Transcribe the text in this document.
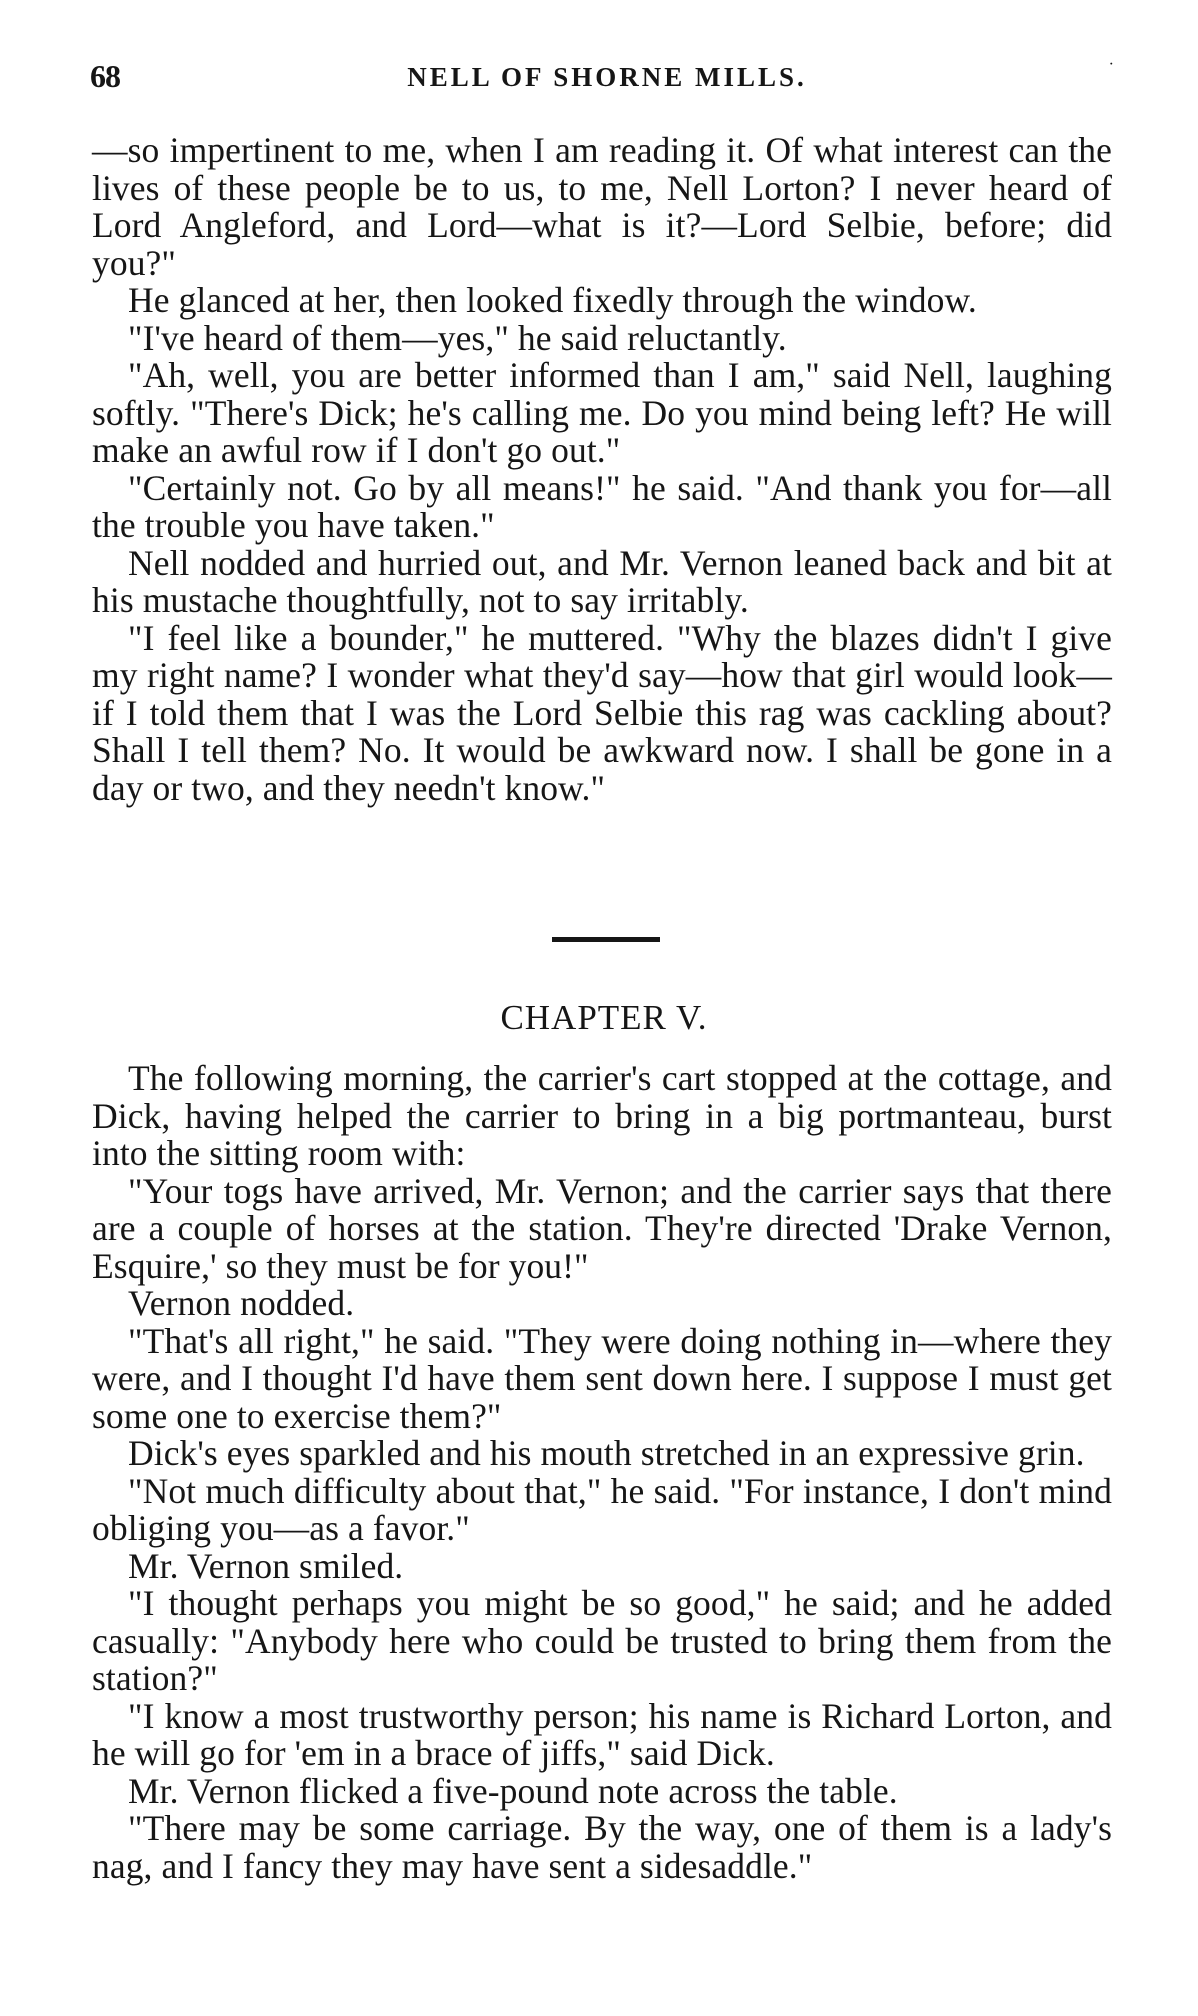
68	NELL OF SHORNE MILLS.	·

—so impertinent to me, when I am reading it. Of what interest can the lives of these people be to us, to me, Nell Lorton? I never heard of Lord Angleford, and Lord—what is it?—Lord Selbie, before; did you?"

He glanced at her, then looked fixedly through the window.

"I've heard of them—yes," he said reluctantly.

"Ah, well, you are better informed than I am," said Nell, laughing softly. "There's Dick; he's calling me. Do you mind being left? He will make an awful row if I don't go out."

"Certainly not. Go by all means!" he said. "And thank you for—all the trouble you have taken."

Nell nodded and hurried out, and Mr. Vernon leaned back and bit at his mustache thoughtfully, not to say irritably.

"I feel like a bounder," he muttered. "Why the blazes didn't I give my right name? I wonder what they'd say—how that girl would look—if I told them that I was the Lord Selbie this rag was cackling about? Shall I tell them? No. It would be awkward now. I shall be gone in a day or two, and they needn't know."

CHAPTER V.

The following morning, the carrier's cart stopped at the cottage, and Dick, having helped the carrier to bring in a big portmanteau, burst into the sitting room with:

"Your togs have arrived, Mr. Vernon; and the carrier says that there are a couple of horses at the station. They're directed 'Drake Vernon, Esquire,' so they must be for you!"

Vernon nodded.

"That's all right," he said. "They were doing nothing in—where they were, and I thought I'd have them sent down here. I suppose I must get some one to exercise them?"

Dick's eyes sparkled and his mouth stretched in an expressive grin.

"Not much difficulty about that," he said. "For instance, I don't mind obliging you—as a favor."

Mr. Vernon smiled.

"I thought perhaps you might be so good," he said; and he added casually: "Anybody here who could be trusted to bring them from the station?"

"I know a most trustworthy person; his name is Richard Lorton, and he will go for 'em in a brace of jiffs," said Dick.

Mr. Vernon flicked a five-pound note across the table.

"There may be some carriage. By the way, one of them is a lady's nag, and I fancy they may have sent a sidesaddle."
